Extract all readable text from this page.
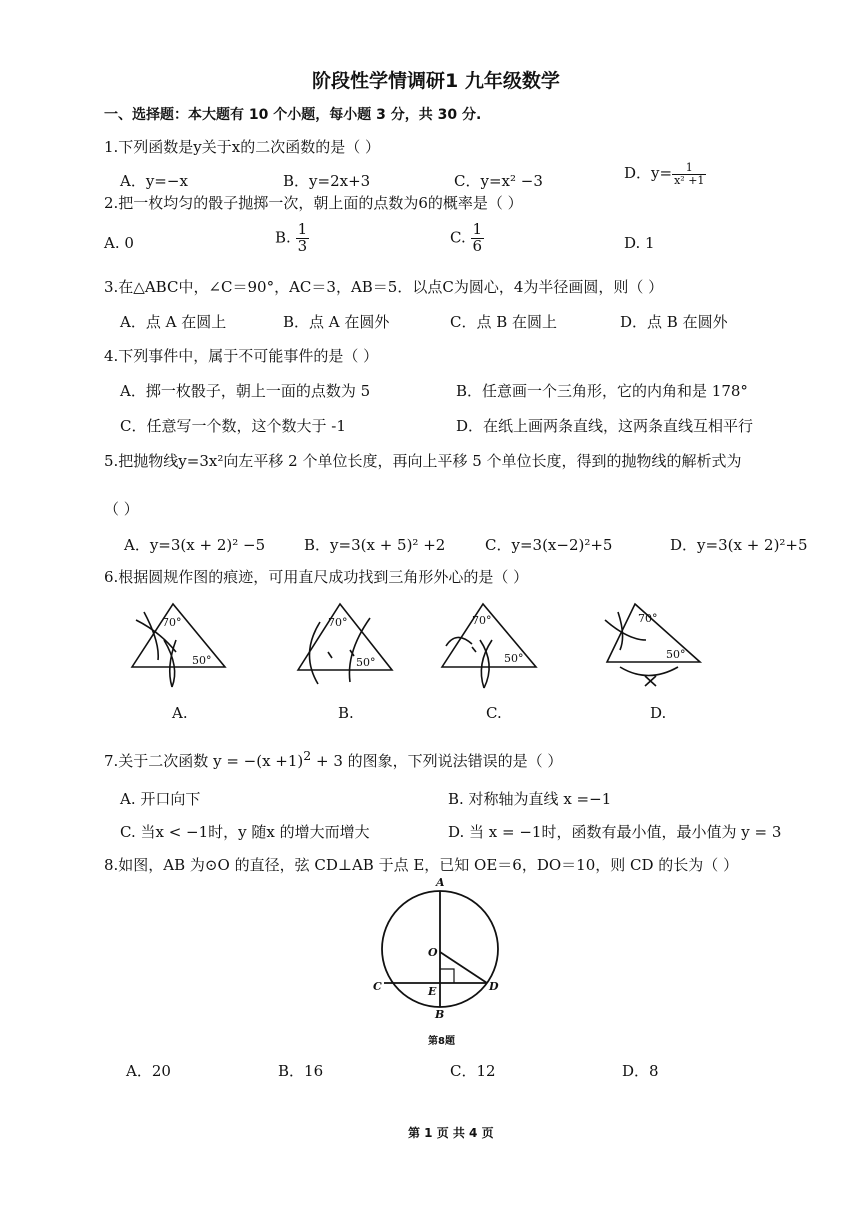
阶段性学情调研1 九年级数学
一、选择题：本大题有 10 个小题，每小题 3 分，共 30 分.
1.下列函数是y关于x的二次函数的是（ ）
A．y=−x	B．y=2x+3	C．y=x² −3	D．$y= \frac{1}{\text{x² +1}}$
2.把一枚均匀的骰子抛掷一次，朝上面的点数为6的概率是（ ）
A. 0	B. $\frac{1}{3}$	C. $\frac{1}{6}$	D. 1
3.在△ABC中，∠C＝90°，AC＝3，AB＝5．以点C为圆心，4为半径画圆，则（ ）
A．点 A 在圆上	B．点 A 在圆外	C．点 B 在圆上	D．点 B 在圆外
4.下列事件中，属于不可能事件的是（ ）
A．掷一枚骰子，朝上一面的点数为 5	B．任意画一个三角形，它的内角和是 178°
C．任意写一个数，这个数大于 -1	D．在纸上画两条直线，这两条直线互相平行
5.把抛物线y=3x²向左平移 2 个单位长度，再向上平移 5 个单位长度，得到的抛物线的解析式为
（ ）
A．y=3(x + 2)² −5	B．y=3(x + 5)² +2	C．y=3(x−2)²+5	D．y=3(x + 2)²+5
6.根据圆规作图的痕迹，可用直尺成功找到三角形外心的是（ ）
70°
50°
70°
50°
70°
50°
70°
50°
A.	B.	C.	D.
7.关于二次函数 $y = -(x +1)^2 + 3$ 的图象，下列说法错误的是（ ）
A. 开口向下	B. 对称轴为直线 x =−1
C. 当x < −1时，y 随x 的增大而增大	D. 当 x = −1时，函数有最小值，最小值为 y = 3
8.如图，AB 为⊙O 的直径，弦 CD⊥AB 于点 E，已知 OE＝6，DO＝10，则 CD 的长为（ ）
A
O
C	E	D
B
第8题
A．20	B．16	C．12	D．8
第 1 页 共 4 页
